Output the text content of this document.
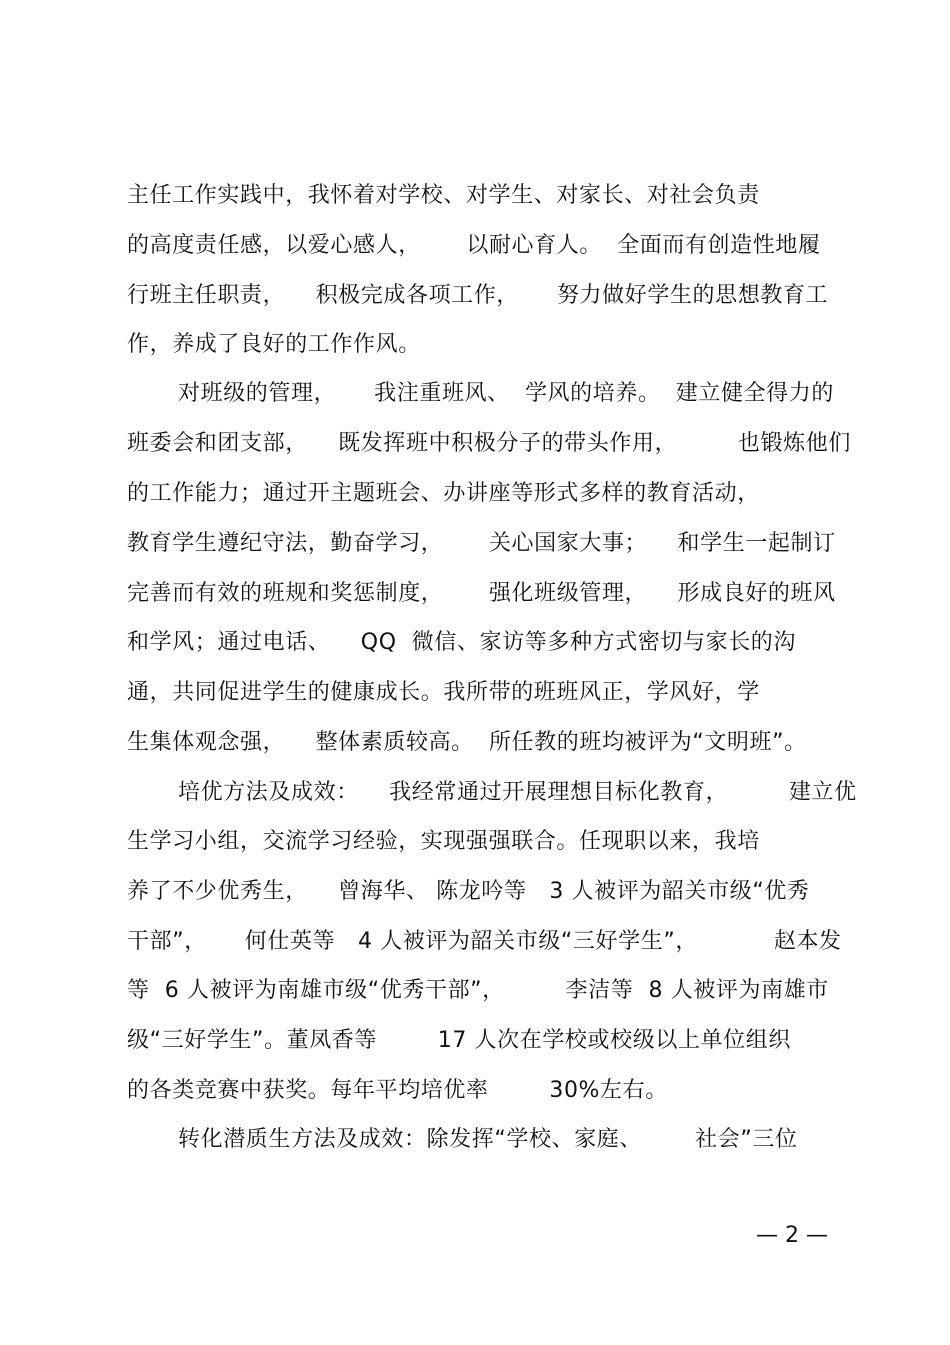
主任工作实践中，我怀着对学校、对学生、对家长、对社会负责
的高度责任感，以爱心感人，      以耐心育人。  全面而有创造性地履
行班主任职责，    积极完成各项工作，     努力做好学生的思想教育工
作，养成了良好的工作作风。
对班级的管理，     我注重班风、  学风的培养。  建立健全得力的
班委会和团支部，    既发挥班中积极分子的带头作用，        也锻炼他们
的工作能力；通过开主题班会、办讲座等形式多样的教育活动，
教育学生遵纪守法，勤奋学习，      关心国家大事；    和学生一起制订
完善而有效的班规和奖惩制度，      强化班级管理，    形成良好的班风
和学风；通过电话、    QQ  微信、家访等多种方式密切与家长的沟
通，共同促进学生的健康成长。我所带的班班风正，学风好，学
生集体观念强，    整体素质较高。  所任教的班均被评为“文明班”。
培优方法及成效：    我经常通过开展理想目标化教育，        建立优
生学习小组，交流学习经验，实现强强联合。任现职以来，我培
养了不少优秀生，    曾海华、 陈龙吟等   3 人被评为韶关市级“优秀
干部”，     何仕英等   4 人被评为韶关市级“三好学生”，          赵本发
等  6 人被评为南雄市级“优秀干部”，        李洁等  8 人被评为南雄市
级“三好学生”。董凤香等        17 人次在学校或校级以上单位组织
的各类竞赛中获奖。每年平均培优率        30%左右。
转化潜质生方法及成效：除发挥“学校、家庭、       社会”三位
— 2 —
